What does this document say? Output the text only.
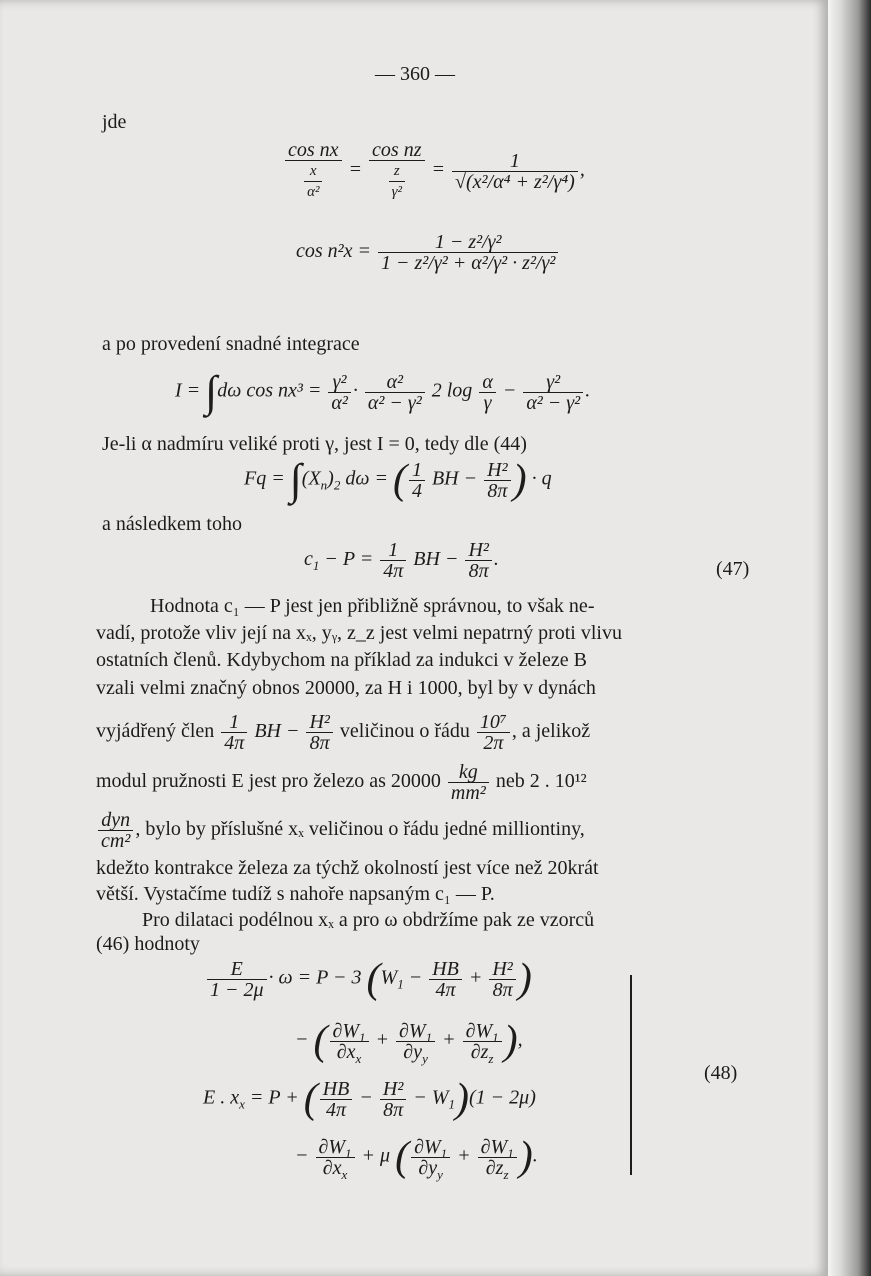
— 360 —
jde
$\frac{\text{cos nx}}{\frac{x}{\text{α²}}} = \frac{\text{cos nz}}{\frac{z}{\text{γ²}}} = \frac{1}{\text{√(x²/α⁴ + z²/γ⁴)}}$ ,
$\cos n^2x = \frac{\text{1 − z²/γ²}}{\text{1 − z²/γ² + α²/γ² · z²/γ²}}$
a po provedení snadné integrace
I = ∫dω $\cos nx^3 = \frac{\text{γ²}}{\text{α²}} \cdot \frac{\text{α²}}{\text{α² − γ²}} 2$ $\log \frac{\alpha}{\gamma} - \frac{\text{γ²}}{\text{α² − γ²}}$ .
Je-li α nadmíru veliké proti γ, jest I = 0, tedy dle (44)
$Fq = \int(X_n)_2$ dω = ( $\frac{1}{4}$ BH − $\frac{\text{H²}}{8\pi}$ ) · q
a následkem toho
$c_1 - P = \frac{1}{4\pi}$ BH − $\frac{\text{H²}}{8\pi}$ .	(47)
Hodnota c₁ — P jest jen přibližně správnou, to však ne-
vadí, protože vliv její na xₓ, yᵧ, z_z jest velmi nepatrný proti vlivu
ostatních členů. Kdybychom na příklad za indukci v železe B
vzali velmi značný obnos 20000, za H i 1000, byl by v dynách
vyjádřený člen $\frac{1}{4\pi}$ BH − $\frac{\text{H²}}{8\pi}$ veličinou o řádu $\frac{\text{10⁷}}{2\pi}$ , a jelikož
modul pružnosti E jest pro železo as $20000 \frac{kg}{\text{mm²}}$ neb 2 . 10¹²
$\frac{\text{dyn}}{\text{cm²}}$ , bylo by příslušné xₓ veličinou o řádu jedné milliontiny,
kdežto kontrakce železa za týchž okolností jest více než 20krát
větší. Vystačíme tudíž s nahoře napsaným c₁ — P.
Pro dilataci podélnou xₓ a pro ω obdržíme pak ze vzorců
(46) hodnoty
$\frac{E}{1 - 2\mu} \cdot \omega = P - 3$ ($W_1 - \frac{HB}{4\pi} + \frac{\text{H²}}{8\pi}$ )
− ( $\frac{\partial W_1}{\partial x_x} + \frac{\partial W_1}{\partial y_y} + \frac{\partial W_1}{\partial z_z}$ ),
E . $x_x = P$ + ( $\frac{HB}{4\pi} - \frac{\text{H²}}{8\pi} - W_1)(1 - 2\mu)$
− $\frac{\partial W_1}{\partial x_x} + \mu$ ( $\frac{\partial W_1}{\partial y_y} + \frac{\partial W_1}{\partial z_z}$ ).
(48)
